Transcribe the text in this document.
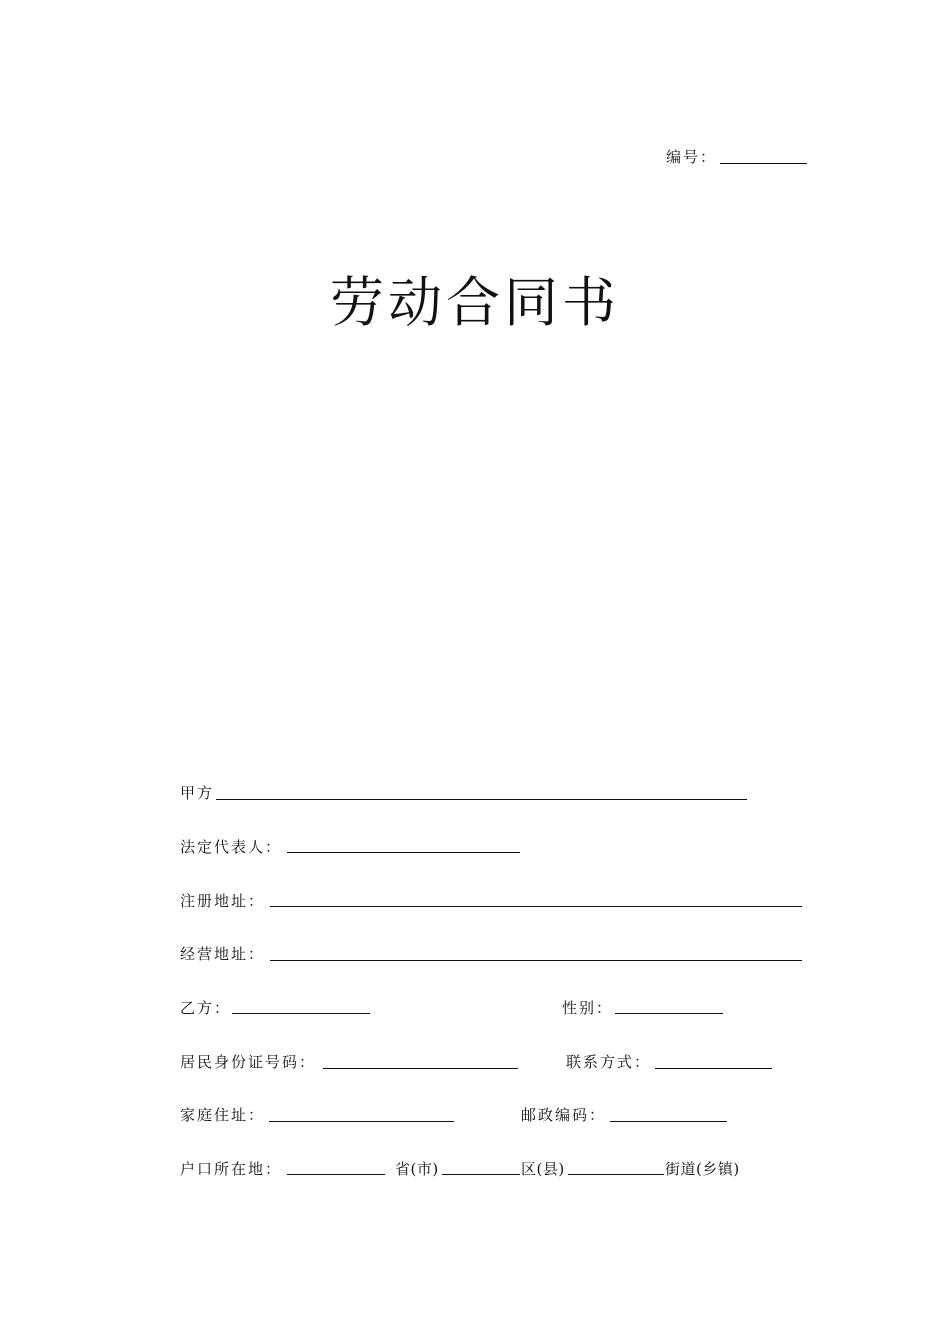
编号：
劳动合同书
甲方
法定代表人：
注册地址：
经营地址：
乙方：	性别：
居民身份证号码：	联系方式：
家庭住址：	邮政编码：
户口所在地：	省(市)	区(县)	街道(乡镇)
